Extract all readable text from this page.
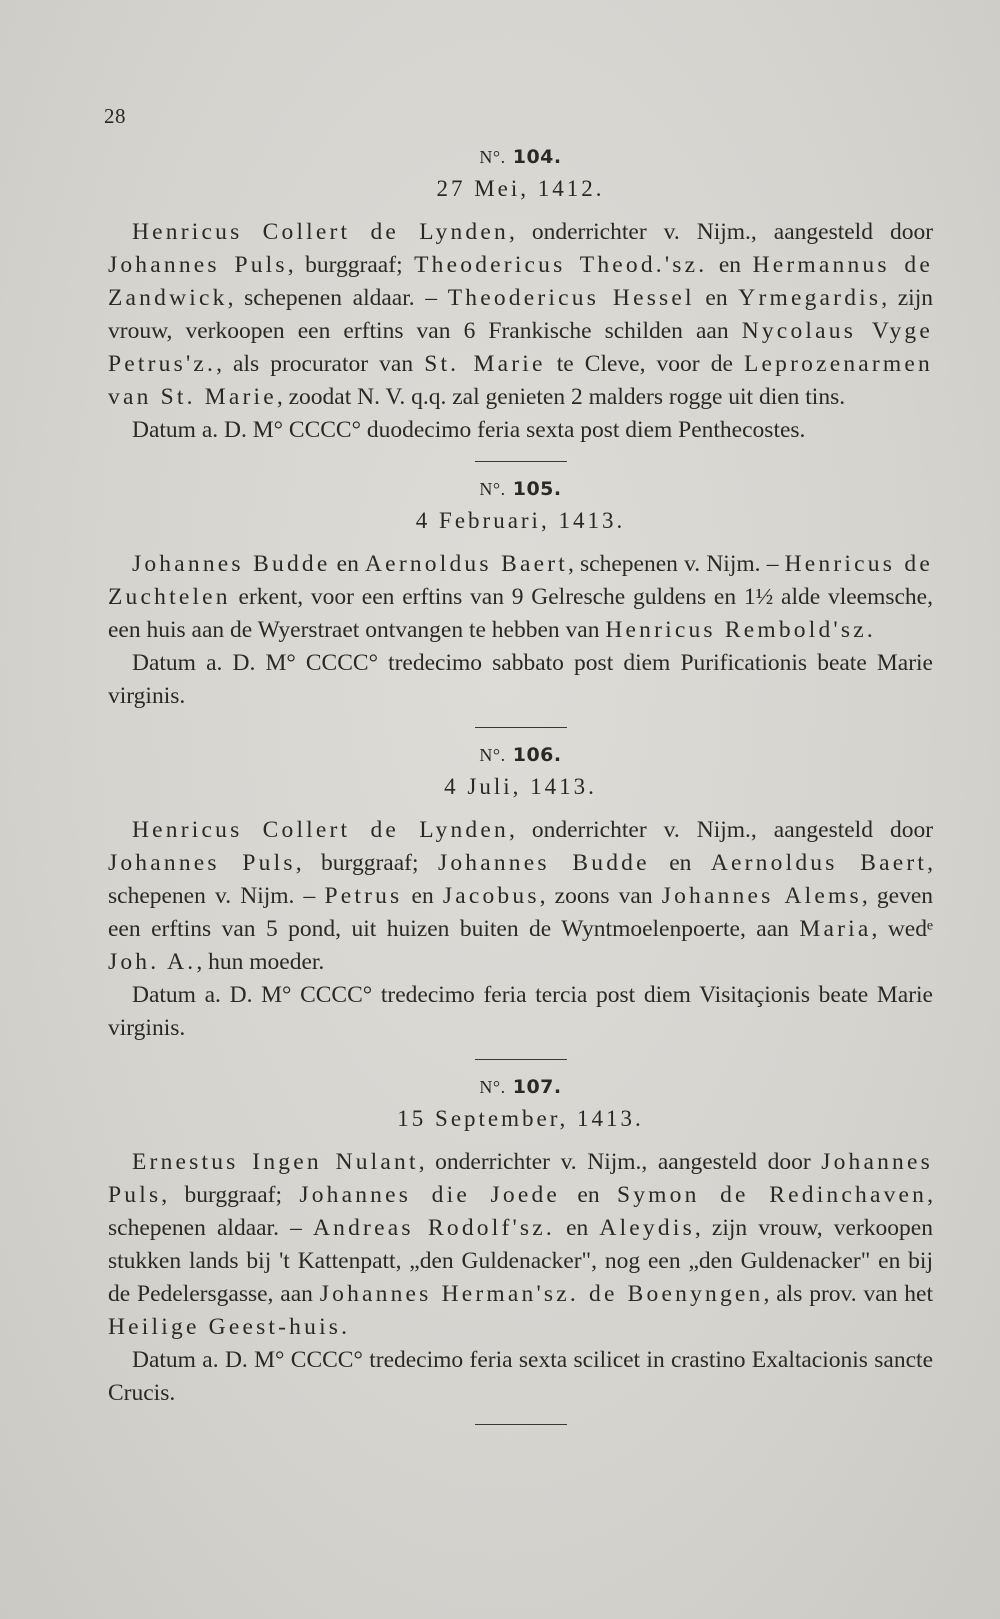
28
N°. 104.
27 Mei, 1412.

Henricus Collert de Lynden, onderrichter v. Nijm., aangesteld door Johannes Puls, burggraaf; Theodericus Theod.'sz. en Hermannus de Zandwick, schepenen aldaar. – Theodericus Hessel en Yrmegardis, zijn vrouw, verkoopen een erftins van 6 Frankische schilden aan Nycolaus Vyge Petrus'z., als procurator van St. Marie te Cleve, voor de Leprozenarmen van St. Marie, zoodat N. V. q.q. zal genieten 2 malders rogge uit dien tins.

Datum a. D. M° CCCC° duodecimo feria sexta post diem Penthecostes.

N°. 105.
4 Februari, 1413.

Johannes Budde en Aernoldus Baert, schepenen v. Nijm. – Henricus de Zuchtelen erkent, voor een erftins van 9 Gelresche guldens en 1½ alde vleemsche, een huis aan de Wyerstraet ontvangen te hebben van Henricus Rembold'sz.

Datum a. D. M° CCCC° tredecimo sabbato post diem Purificationis beate Marie virginis.

N°. 106.
4 Juli, 1413.

Henricus Collert de Lynden, onderrichter v. Nijm., aangesteld door Johannes Puls, burggraaf; Johannes Budde en Aernoldus Baert, schepenen v. Nijm. – Petrus en Jacobus, zoons van Johannes Alems, geven een erftins van 5 pond, uit huizen buiten de Wyntmoelenpoerte, aan Maria, wedᵉ Joh. A., hun moeder.

Datum a. D. M° CCCC° tredecimo feria tercia post diem Visitaçionis beate Marie virginis.

N°. 107.
15 September, 1413.

Ernestus Ingen Nulant, onderrichter v. Nijm., aangesteld door Johannes Puls, burggraaf; Johannes die Joede en Symon de Redinchaven, schepenen aldaar. – Andreas Rodolf'sz. en Aleydis, zijn vrouw, verkoopen stukken lands bij 't Kattenpatt, „den Guldenacker", nog een „den Guldenacker" en bij de Pedelersgasse, aan Johannes Herman'sz. de Boenyngen, als prov. van het Heilige Geest-huis.

Datum a. D. M° CCCC° tredecimo feria sexta scilicet in crastino Exaltacionis sancte Crucis.
